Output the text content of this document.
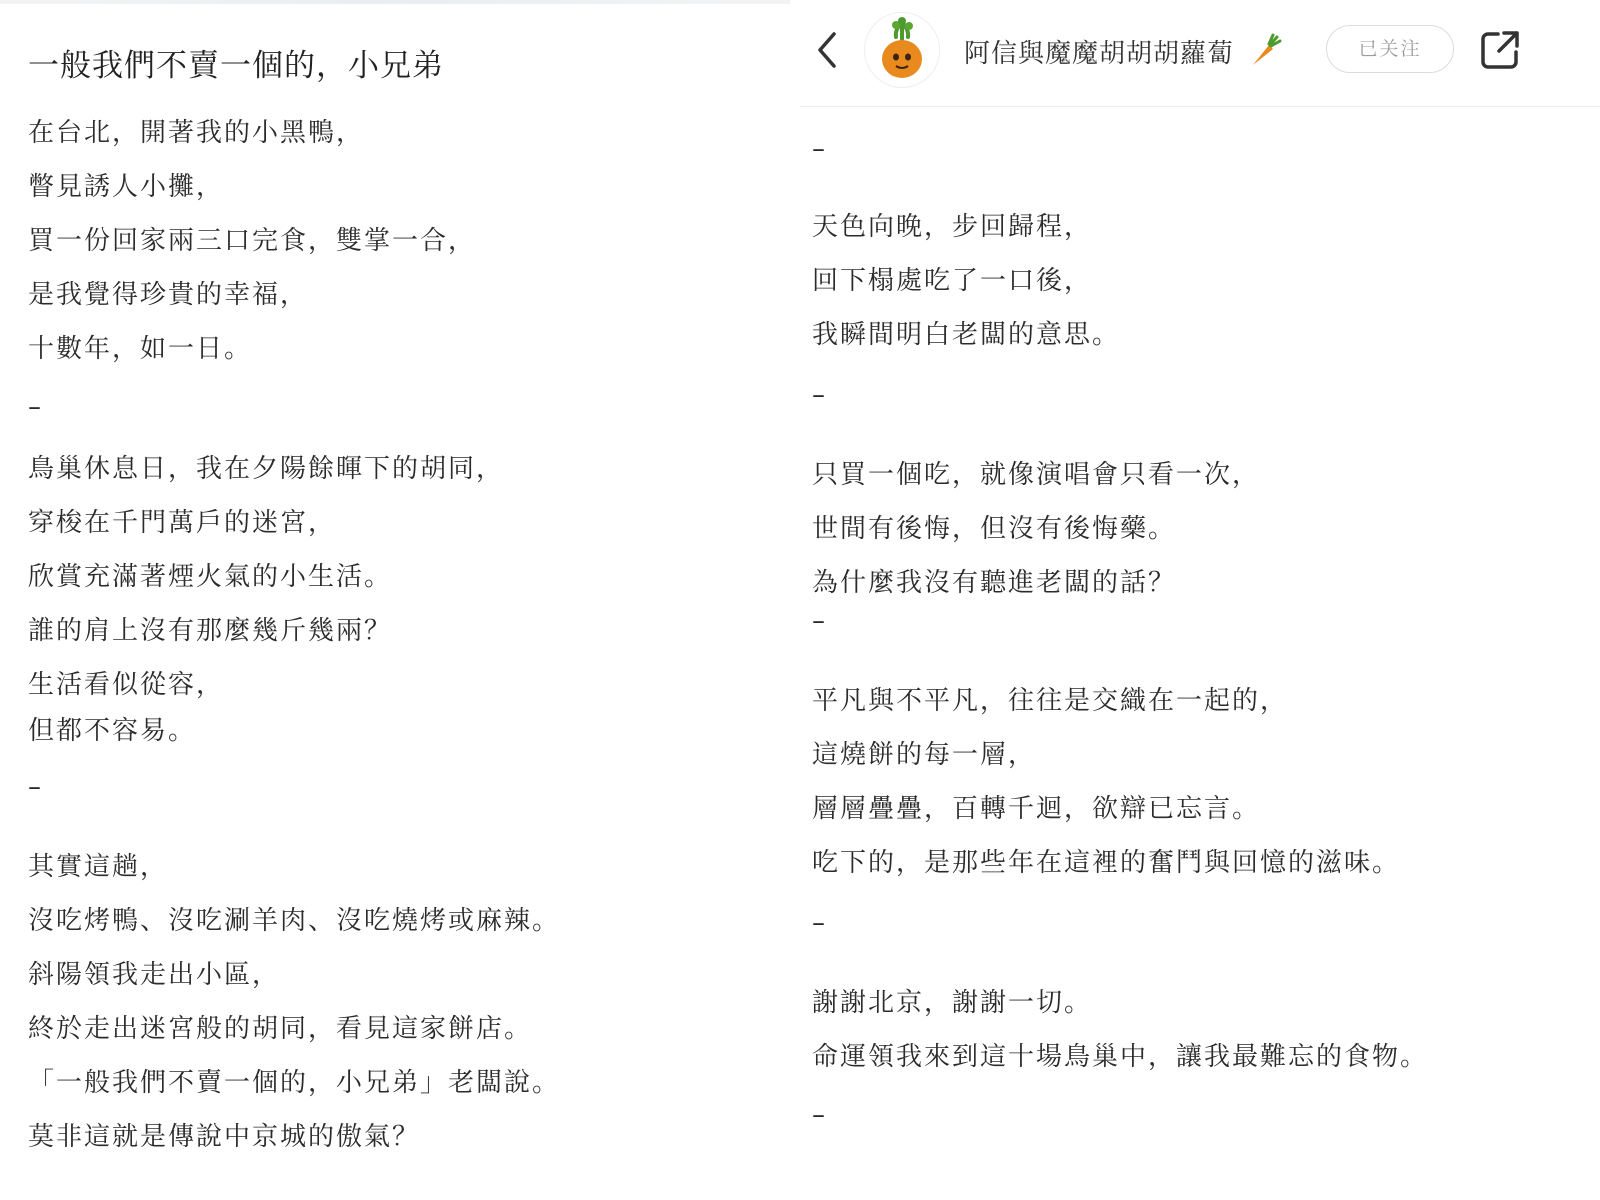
一般我們不賣一個的，小兄弟

在台北，開著我的小黑鴨，

瞥見誘人小攤，

買一份回家兩三口完食，雙掌一合，

是我覺得珍貴的幸福，

十數年，如一日。

–

鳥巢休息日，我在夕陽餘暉下的胡同，

穿梭在千門萬戶的迷宮，

欣賞充滿著煙火氣的小生活。

誰的肩上沒有那麼幾斤幾兩？

生活看似從容，

但都不容易。

–

其實這趟，

沒吃烤鴨、沒吃涮羊肉、沒吃燒烤或麻辣。

斜陽領我走出小區，

終於走出迷宮般的胡同，看見這家餅店。

「一般我們不賣一個的，小兄弟」老闆說。

莫非這就是傳說中京城的傲氣？

阿信與魔魔胡胡胡蘿蔔	已关注

–

天色向晚，步回歸程，

回下榻處吃了一口後，

我瞬間明白老闆的意思。

–

只買一個吃，就像演唱會只看一次，

世間有後悔，但沒有後悔藥。

為什麼我沒有聽進老闆的話？

–

平凡與不平凡，往往是交織在一起的，

這燒餅的每一層，

層層疊疊，百轉千迴，欲辯已忘言。

吃下的，是那些年在這裡的奮鬥與回憶的滋味。

–

謝謝北京，謝謝一切。

命運領我來到這十場鳥巢中，讓我最難忘的食物。

–
